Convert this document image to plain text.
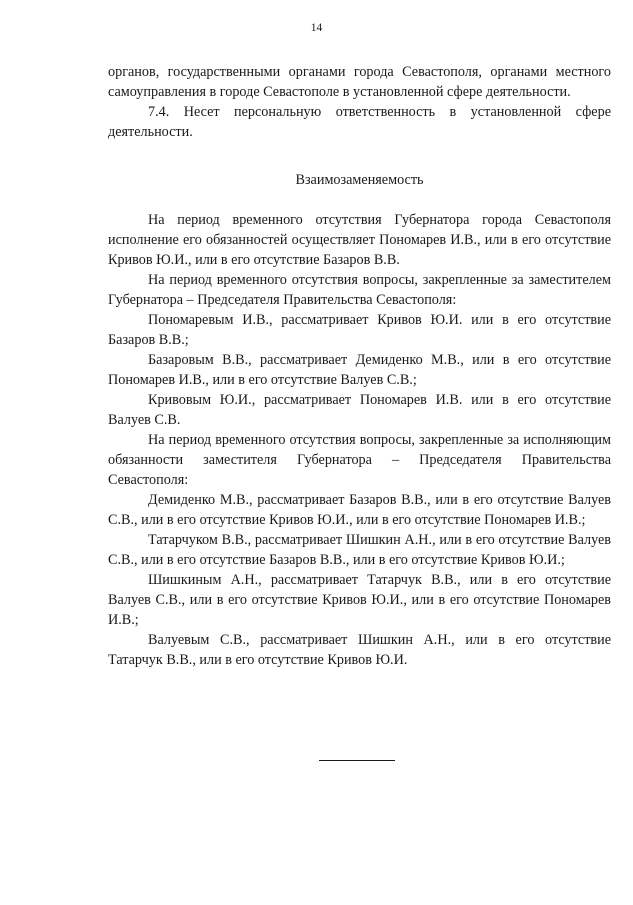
14

органов, государственными органами города Севастополя, органами местного самоуправления в городе Севастополе в установленной сфере деятельности.

7.4. Несет персональную ответственность в установленной сфере деятельности.

Взаимозаменяемость

На период временного отсутствия Губернатора города Севастополя исполнение его обязанностей осуществляет Пономарев И.В., или в его отсутствие Кривов Ю.И., или в его отсутствие Базаров В.В.

На период временного отсутствия вопросы, закрепленные за заместителем Губернатора – Председателя Правительства Севастополя:

Пономаревым И.В., рассматривает Кривов Ю.И. или в его отсутствие Базаров В.В.;

Базаровым В.В., рассматривает Демиденко М.В., или в его отсутствие Пономарев И.В., или в его отсутствие Валуев С.В.;

Кривовым Ю.И., рассматривает Пономарев И.В. или в его отсутствие Валуев С.В.

На период временного отсутствия вопросы, закрепленные за исполняющим обязанности заместителя Губернатора – Председателя Правительства Севастополя:

Демиденко М.В., рассматривает Базаров В.В., или в его отсутствие Валуев С.В., или в его отсутствие Кривов Ю.И., или в его отсутствие Пономарев И.В.;

Татарчуком В.В., рассматривает Шишкин А.Н., или в его отсутствие Валуев С.В., или в его отсутствие Базаров В.В., или в его отсутствие Кривов Ю.И.;

Шишкиным А.Н., рассматривает Татарчук В.В., или в его отсутствие Валуев С.В., или в его отсутствие Кривов Ю.И., или в его отсутствие Пономарев И.В.;

Валуевым С.В., рассматривает Шишкин А.Н., или в его отсутствие Татарчук В.В., или в его отсутствие Кривов Ю.И.
